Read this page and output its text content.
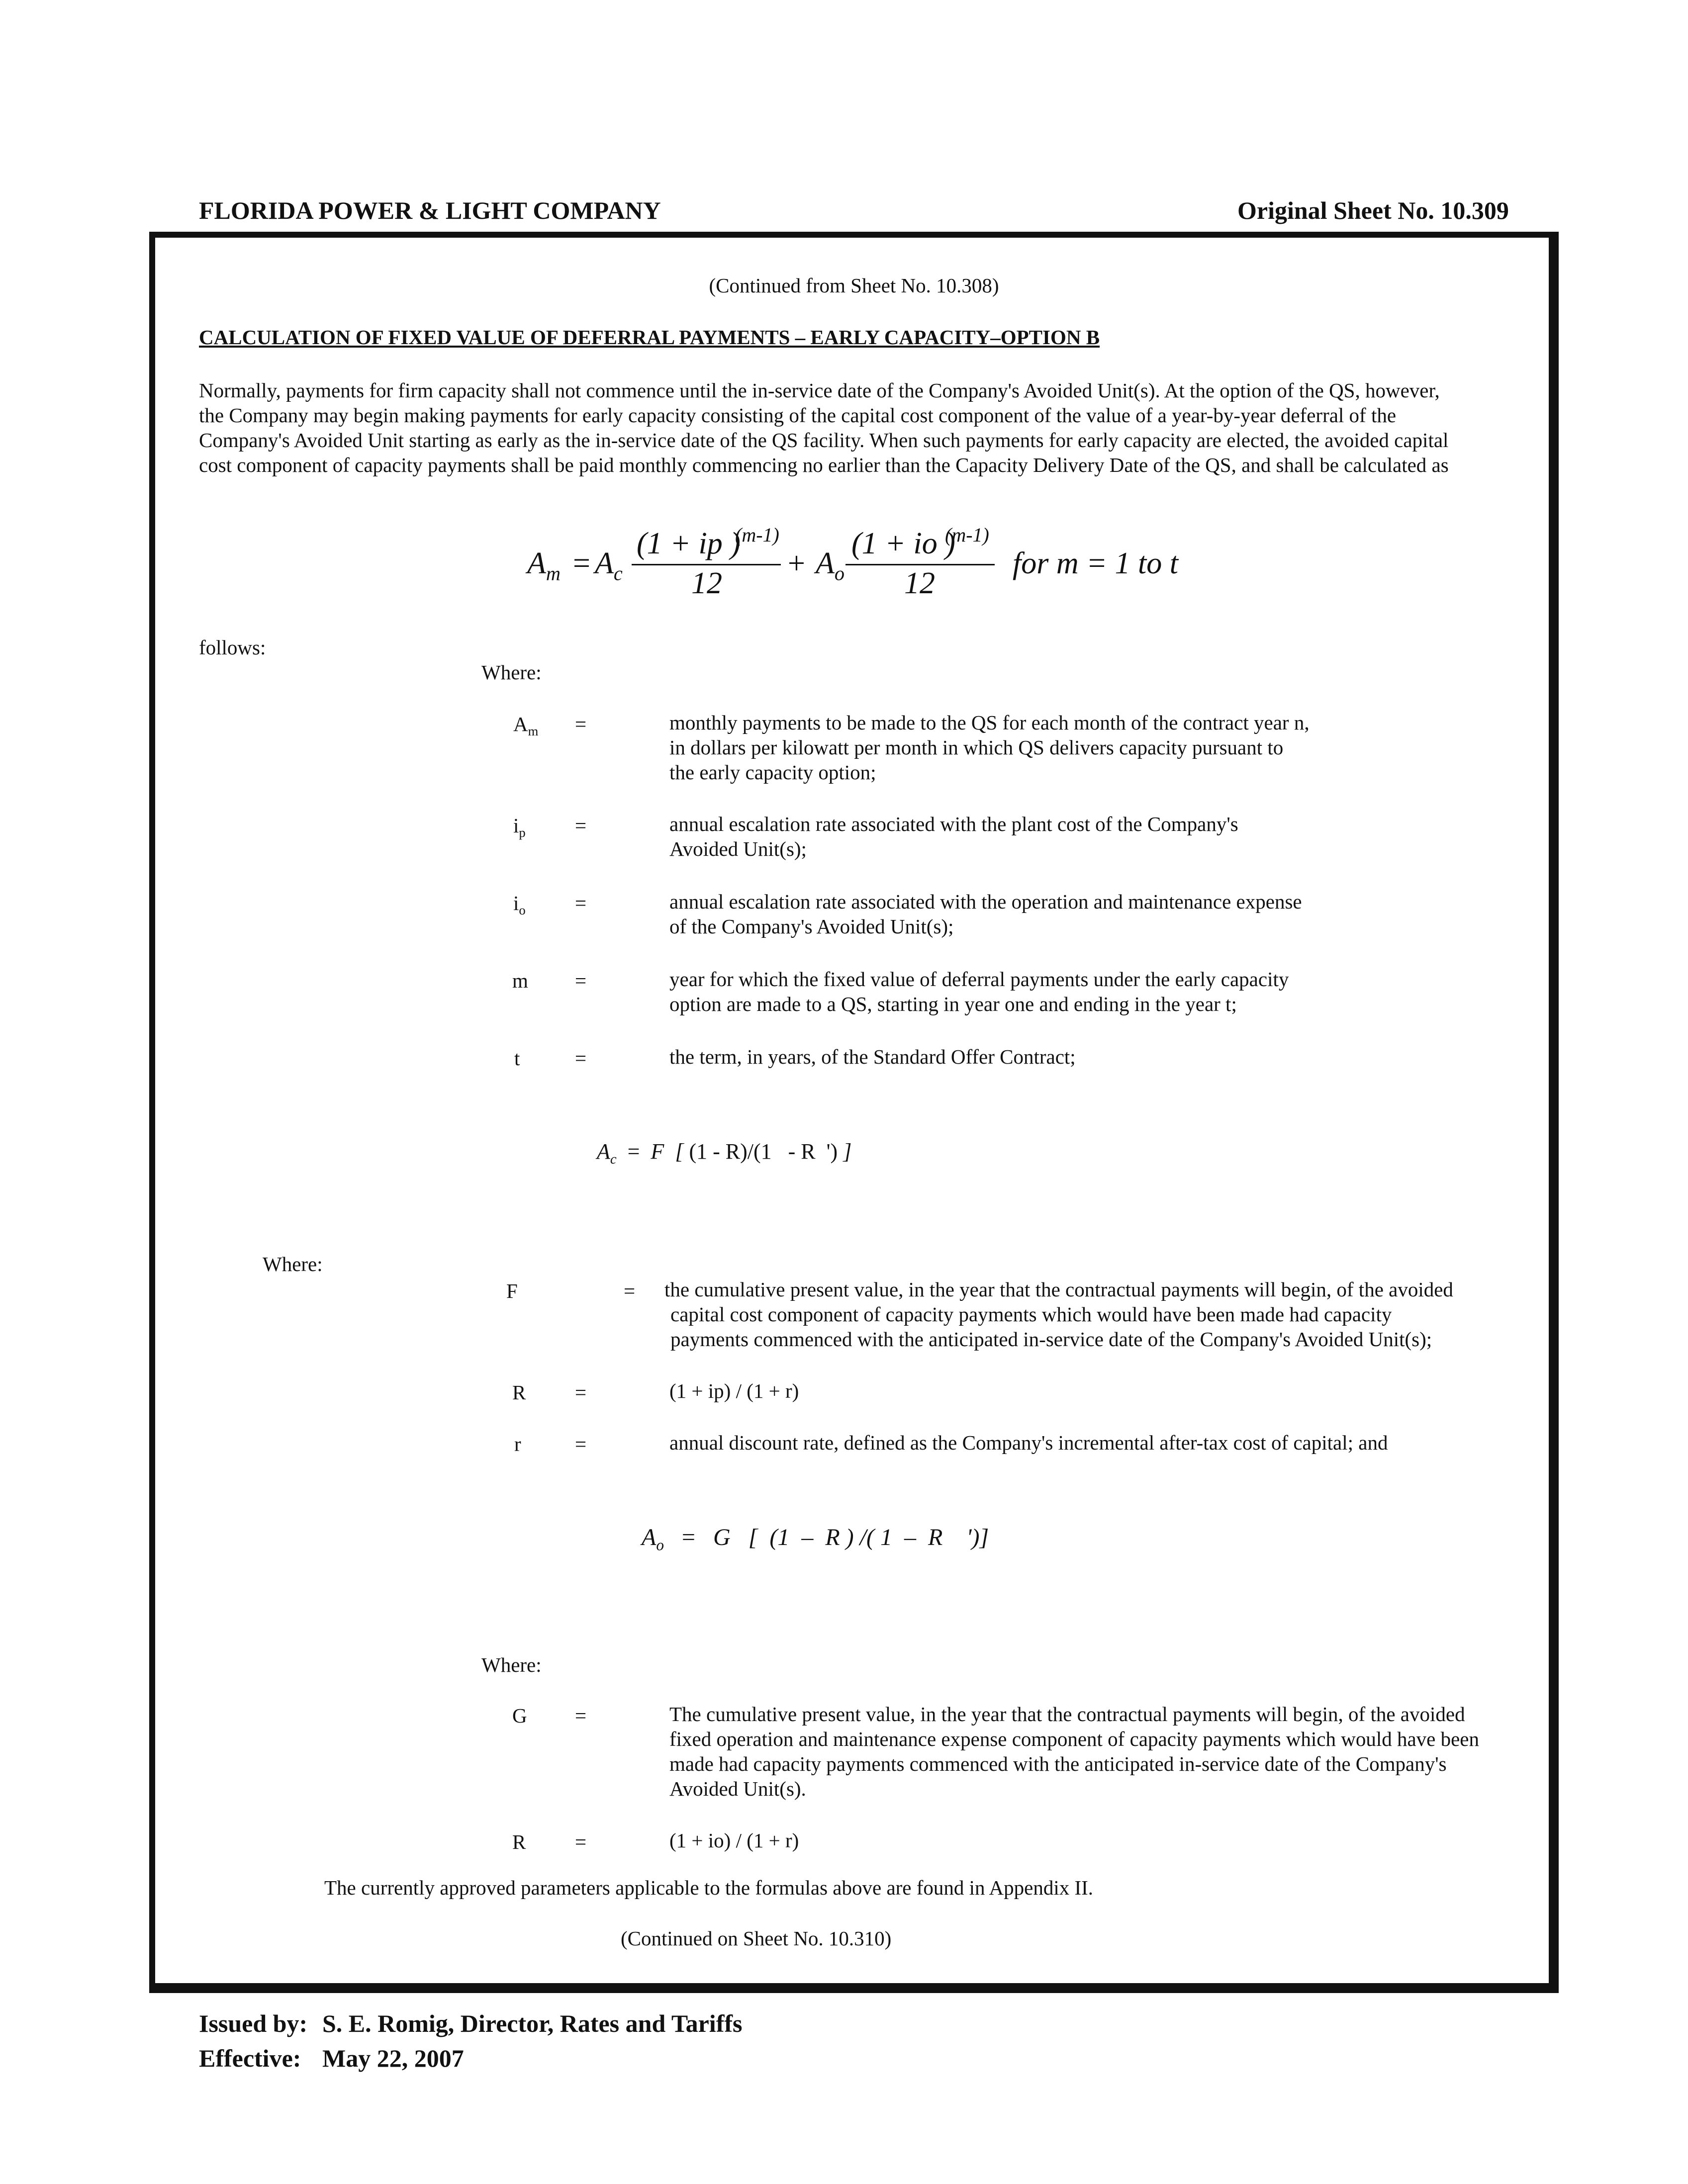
FLORIDA POWER & LIGHT COMPANY	Original Sheet No. 10.309
(Continued from Sheet No. 10.308)
CALCULATION OF FIXED VALUE OF DEFERRAL PAYMENTS – EARLY CAPACITY–OPTION B
Normally, payments for firm capacity shall not commence until the in-service date of the Company's Avoided Unit(s). At the option of the QS, however,
the Company may begin making payments for early capacity consisting of the capital cost component of the value of a year-by-year deferral of the
Company's Avoided Unit starting as early as the in-service date of the QS facility. When such payments for early capacity are elected, the avoided capital
cost component of capacity payments shall be paid monthly commencing no earlier than the Capacity Delivery Date of the QS, and shall be calculated as
$A_m = A_c$
(1 + ip )
(m-1)
12
+ $A_o$
(1 + io )
(m-1)
12
for m = 1 to t
follows:
Where:
$A_m$ =	monthly payments to be made to the QS for each month of the contract year n,
in dollars per kilowatt per month in which QS delivers capacity pursuant to
the early capacity option;
$i_p$ =	annual escalation rate associated with the plant cost of the Company's
Avoided Unit(s);
$i_o$ =	annual escalation rate associated with the operation and maintenance expense
of the Company's Avoided Unit(s);
m =	year for which the fixed value of deferral payments under the early capacity
option are made to a QS, starting in year one and ending in the year t;
t	=	the term, in years, of the Standard Offer Contract;
$A_c = F$ [ (1 - R)/(1   - R  ') ]
Where:
F	= the cumulative present value, in the year that the contractual payments will begin, of the avoided
capital cost component of capacity payments which would have been made had capacity
payments commenced with the anticipated in-service date of the Company's Avoided Unit(s);
R =	(1 + ip) / (1 + r)
r	=	annual discount rate, defined as the Company's incremental after-tax cost of capital; and
$A_o = G$ [ (1  –  R ) /( 1  –  R    ')]
Where:
G =	The cumulative present value, in the year that the contractual payments will begin, of the avoided
fixed operation and maintenance expense component of capacity payments which would have been
made had capacity payments commenced with the anticipated in-service date of the Company's
Avoided Unit(s).
R =	(1 + io) / (1 + r)
The currently approved parameters applicable to the formulas above are found in Appendix II.
(Continued on Sheet No. 10.310)
Issued by: S. E. Romig, Director, Rates and Tariffs
Effective: May 22, 2007
